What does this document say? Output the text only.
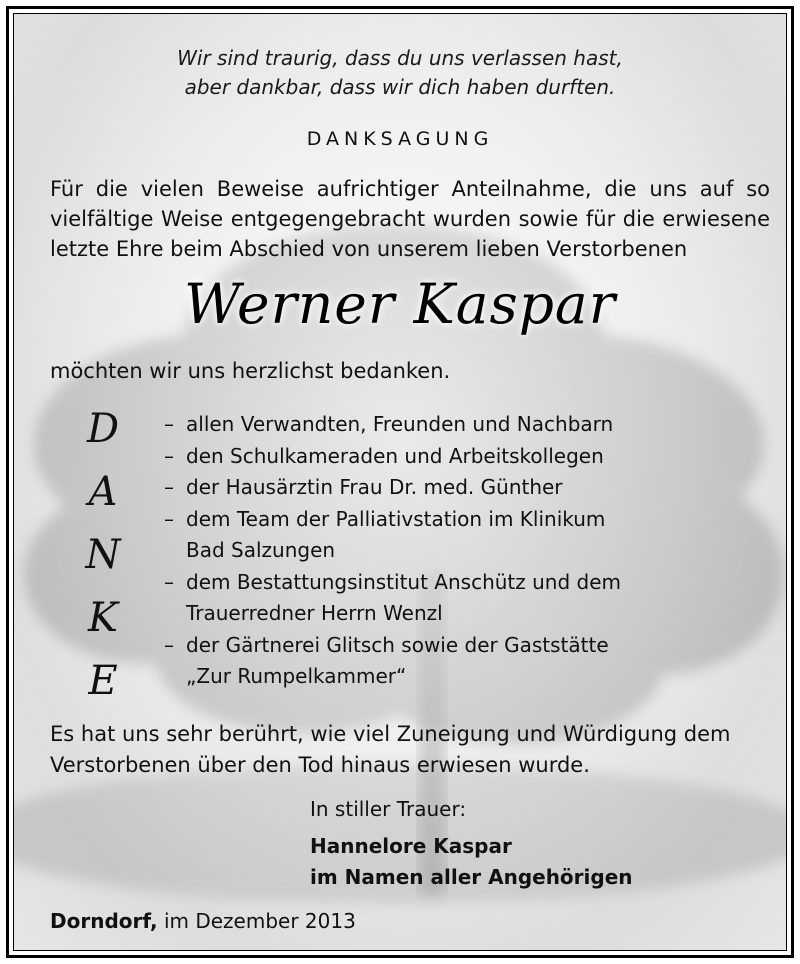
Wir sind traurig, dass du uns verlassen hast,
aber dankbar, dass wir dich haben durften.
DANKSAGUNG
Für die vielen Beweise aufrichtiger Anteilnahme, die uns auf so vielfältige Weise entgegengebracht wurden sowie für die erwiesene letzte Ehre beim Abschied von unserem lieben Verstorbenen
Werner Kaspar
möchten wir uns herzlichst bedanken.
D
A
N
K
E
– allen Verwandten, Freunden und Nachbarn
– den Schulkameraden und Arbeitskollegen
– der Hausärztin Frau Dr. med. Günther
– dem Team der Palliativstation im Klinikum
Bad Salzungen
– dem Bestattungsinstitut Anschütz und dem
Trauerredner Herrn Wenzl
– der Gärtnerei Glitsch sowie der Gaststätte
„Zur Rumpelkammer“
Es hat uns sehr berührt, wie viel Zuneigung und Würdigung dem Verstorbenen über den Tod hinaus erwiesen wurde.
In stiller Trauer:
Hannelore Kaspar
im Namen aller Angehörigen
Dorndorf, im Dezember 2013
